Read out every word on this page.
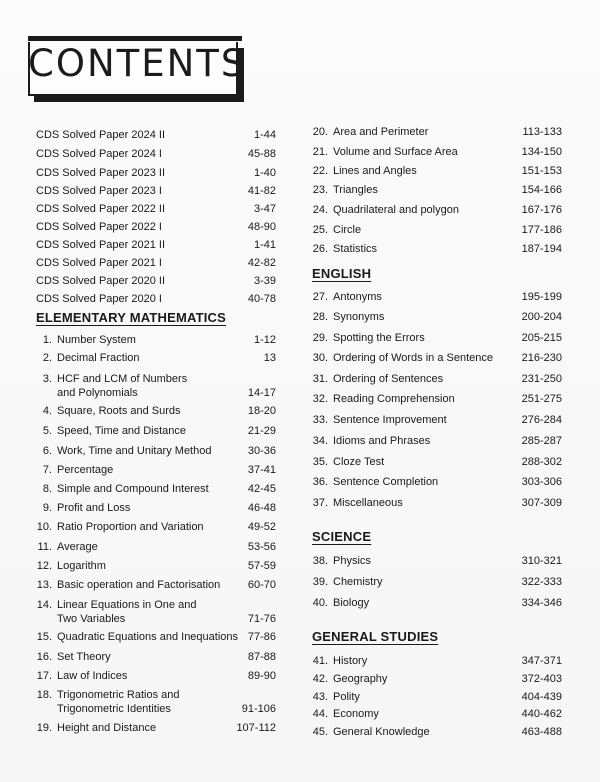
CONTENTS
CDS Solved Paper 2024 II	1-44
CDS Solved Paper 2024 I	45-88
CDS Solved Paper 2023 II	1-40
CDS Solved Paper 2023 I	41-82
CDS Solved Paper 2022 II	3-47
CDS Solved Paper 2022 I	48-90
CDS Solved Paper 2021 II	1-41
CDS Solved Paper 2021 I	42-82
CDS Solved Paper 2020 II	3-39
CDS Solved Paper 2020 I	40-78
ELEMENTARY MATHEMATICS
1. Number System	1-12
2. Decimal Fraction	13
3. HCF and LCM of Numbers
and Polynomials	14-17
4. Square, Roots and Surds	18-20
5. Speed, Time and Distance	21-29
6. Work, Time and Unitary Method	30-36
7. Percentage	37-41
8. Simple and Compound Interest	42-45
9. Profit and Loss	46-48
10. Ratio Proportion and Variation	49-52
11. Average	53-56
12. Logarithm	57-59
13. Basic operation and Factorisation	60-70
14. Linear Equations in One and
Two Variables	71-76
15. Quadratic Equations and Inequations 77-86
16. Set Theory	87-88
17. Law of Indices	89-90
18. Trigonometric Ratios and
Trigonometric Identities	91-106
19. Height and Distance	107-112
20. Area and Perimeter	113-133
21. Volume and Surface Area	134-150
22. Lines and Angles	151-153
23. Triangles	154-166
24. Quadrilateral and polygon	167-176
25. Circle	177-186
26. Statistics	187-194
ENGLISH
27. Antonyms	195-199
28. Synonyms	200-204
29. Spotting the Errors	205-215
30. Ordering of Words in a Sentence	216-230
31. Ordering of Sentences	231-250
32. Reading Comprehension	251-275
33. Sentence Improvement	276-284
34. Idioms and Phrases	285-287
35. Cloze Test	288-302
36. Sentence Completion	303-306
37. Miscellaneous	307-309
SCIENCE
38. Physics	310-321
39. Chemistry	322-333
40. Biology	334-346
GENERAL STUDIES
41. History	347-371
42. Geography	372-403
43. Polity	404-439
44. Economy	440-462
45. General Knowledge	463-488
